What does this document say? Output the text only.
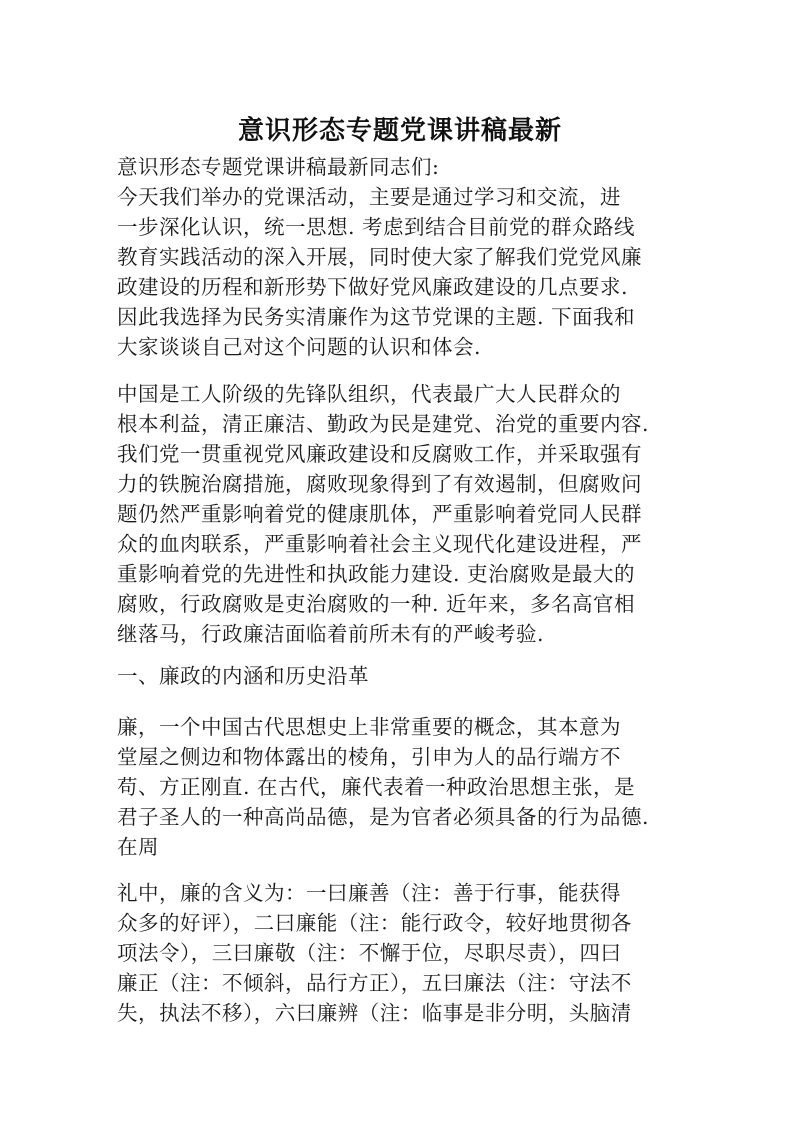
意识形态专题党课讲稿最新
意识形态专题党课讲稿最新同志们:
今天我们举办的党课活动，主要是通过学习和交流，进
一步深化认识，统一思想. 考虑到结合目前党的群众路线
教育实践活动的深入开展，同时使大家了解我们党党风廉
政建设的历程和新形势下做好党风廉政建设的几点要求.
因此我选择为民务实清廉作为这节党课的主题. 下面我和
大家谈谈自己对这个问题的认识和体会.
中国是工人阶级的先锋队组织，代表最广大人民群众的
根本利益，清正廉洁、勤政为民是建党、治党的重要内容.
我们党一贯重视党风廉政建设和反腐败工作，并采取强有
力的铁腕治腐措施，腐败现象得到了有效遏制，但腐败问
题仍然严重影响着党的健康肌体，严重影响着党同人民群
众的血肉联系，严重影响着社会主义现代化建设进程，严
重影响着党的先进性和执政能力建设. 吏治腐败是最大的
腐败，行政腐败是吏治腐败的一种. 近年来，多名高官相
继落马，行政廉洁面临着前所未有的严峻考验.
一、廉政的内涵和历史沿革
廉，一个中国古代思想史上非常重要的概念，其本意为
堂屋之侧边和物体露出的棱角，引申为人的品行端方不
苟、方正刚直. 在古代，廉代表着一种政治思想主张，是
君子圣人的一种高尚品德，是为官者必须具备的行为品德.
在周
礼中，廉的含义为：一曰廉善（注：善于行事，能获得
众多的好评），二曰廉能（注：能行政令，较好地贯彻各
项法令），三曰廉敬（注：不懈于位，尽职尽责），四曰
廉正（注：不倾斜，品行方正），五曰廉法（注：守法不
失，执法不移），六曰廉辨（注：临事是非分明，头脑清
